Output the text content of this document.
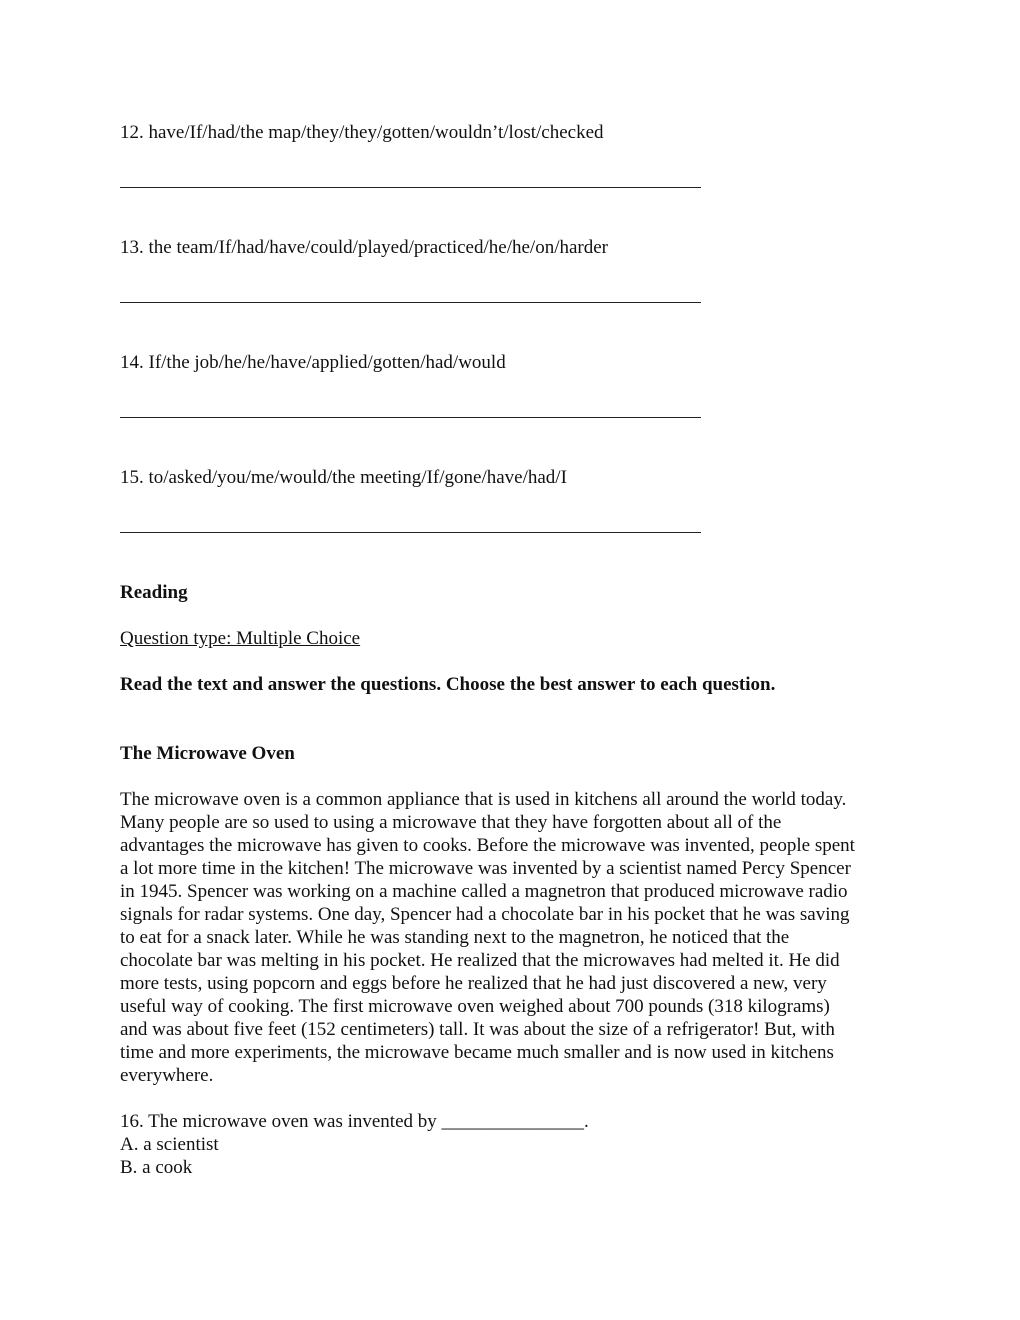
12. have/If/had/the map/they/they/gotten/wouldn’t/lost/checked
13. the team/If/had/have/could/played/practiced/he/he/on/harder
14. If/the job/he/he/have/applied/gotten/had/would
15. to/asked/you/me/would/the meeting/If/gone/have/had/I
Reading
Question type: Multiple Choice
Read the text and answer the questions. Choose the best answer to each question.
The Microwave Oven
The microwave oven is a common appliance that is used in kitchens all around the world today.
Many people are so used to using a microwave that they have forgotten about all of the
advantages the microwave has given to cooks. Before the microwave was invented, people spent
a lot more time in the kitchen! The microwave was invented by a scientist named Percy Spencer
in 1945. Spencer was working on a machine called a magnetron that produced microwave radio
signals for radar systems. One day, Spencer had a chocolate bar in his pocket that he was saving
to eat for a snack later. While he was standing next to the magnetron, he noticed that the
chocolate bar was melting in his pocket. He realized that the microwaves had melted it. He did
more tests, using popcorn and eggs before he realized that he had just discovered a new, very
useful way of cooking. The first microwave oven weighed about 700 pounds (318 kilograms)
and was about five feet (152 centimeters) tall. It was about the size of a refrigerator! But, with
time and more experiments, the microwave became much smaller and is now used in kitchens
everywhere.
16. The microwave oven was invented by _______________.
A. a scientist
B. a cook
